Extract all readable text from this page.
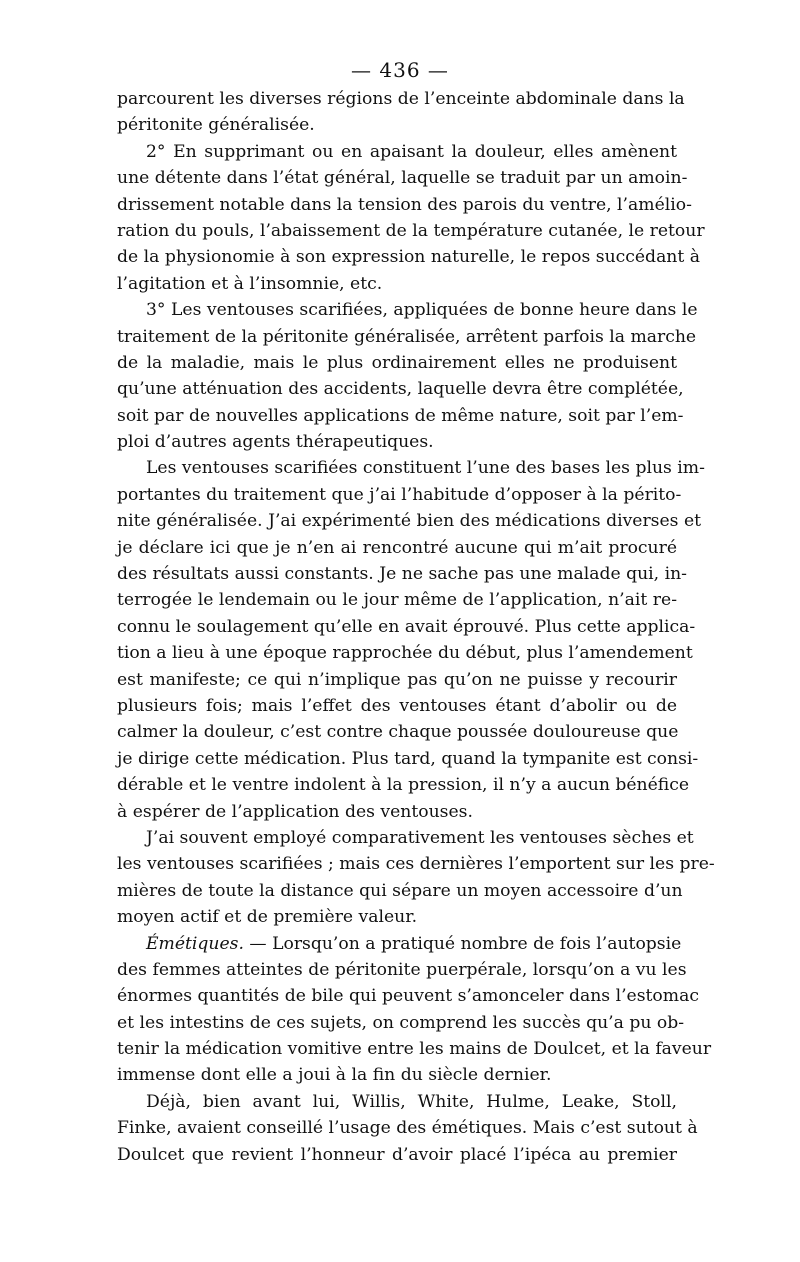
— 436 —
parcourent les diverses régions de l’enceinte abdominale dans la
péritonite généralisée.
2° En supprimant ou en apaisant la douleur, elles amènent
une détente dans l’état général, laquelle se traduit par un amoin-
drissement notable dans la tension des parois du ventre, l’amélio-
ration du pouls, l’abaissement de la température cutanée, le retour
de la physionomie à son expression naturelle, le repos succédant à
l’agitation et à l’insomnie, etc.
3° Les ventouses scarifiées, appliquées de bonne heure dans le
traitement de la péritonite généralisée, arrêtent parfois la marche
de la maladie, mais le plus ordinairement elles ne produisent
qu’une atténuation des accidents, laquelle devra être complétée,
soit par de nouvelles applications de même nature, soit par l’em-
ploi d’autres agents thérapeutiques.
Les ventouses scarifiées constituent l’une des bases les plus im-
portantes du traitement que j’ai l’habitude d’opposer à la périto-
nite généralisée. J’ai expérimenté bien des médications diverses et
je déclare ici que je n’en ai rencontré aucune qui m’ait procuré
des résultats aussi constants. Je ne sache pas une malade qui, in-
terrogée le lendemain ou le jour même de l’application, n’ait re-
connu le soulagement qu’elle en avait éprouvé. Plus cette applica-
tion a lieu à une époque rapprochée du début, plus l’amendement
est manifeste; ce qui n’implique pas qu’on ne puisse y recourir
plusieurs fois; mais l’effet des ventouses étant d’abolir ou de
calmer la douleur, c’est contre chaque poussée douloureuse que
je dirige cette médication. Plus tard, quand la tympanite est consi-
dérable et le ventre indolent à la pression, il n’y a aucun bénéfice
à espérer de l’application des ventouses.
J’ai souvent employé comparativement les ventouses sèches et
les ventouses scarifiées ; mais ces dernières l’emportent sur les pre-
mières de toute la distance qui sépare un moyen accessoire d’un
moyen actif et de première valeur.
Émétiques. — Lorsqu’on a pratiqué nombre de fois l’autopsie
des femmes atteintes de péritonite puerpérale, lorsqu’on a vu les
énormes quantités de bile qui peuvent s’amonceler dans l’estomac
et les intestins de ces sujets, on comprend les succès qu’a pu ob-
tenir la médication vomitive entre les mains de Doulcet, et la faveur
immense dont elle a joui à la fin du siècle dernier.
Déjà, bien avant lui, Willis, White, Hulme, Leake, Stoll,
Finke, avaient conseillé l’usage des émétiques. Mais c’est sutout à
Doulcet que revient l’honneur d’avoir placé l’ipéca au premier
